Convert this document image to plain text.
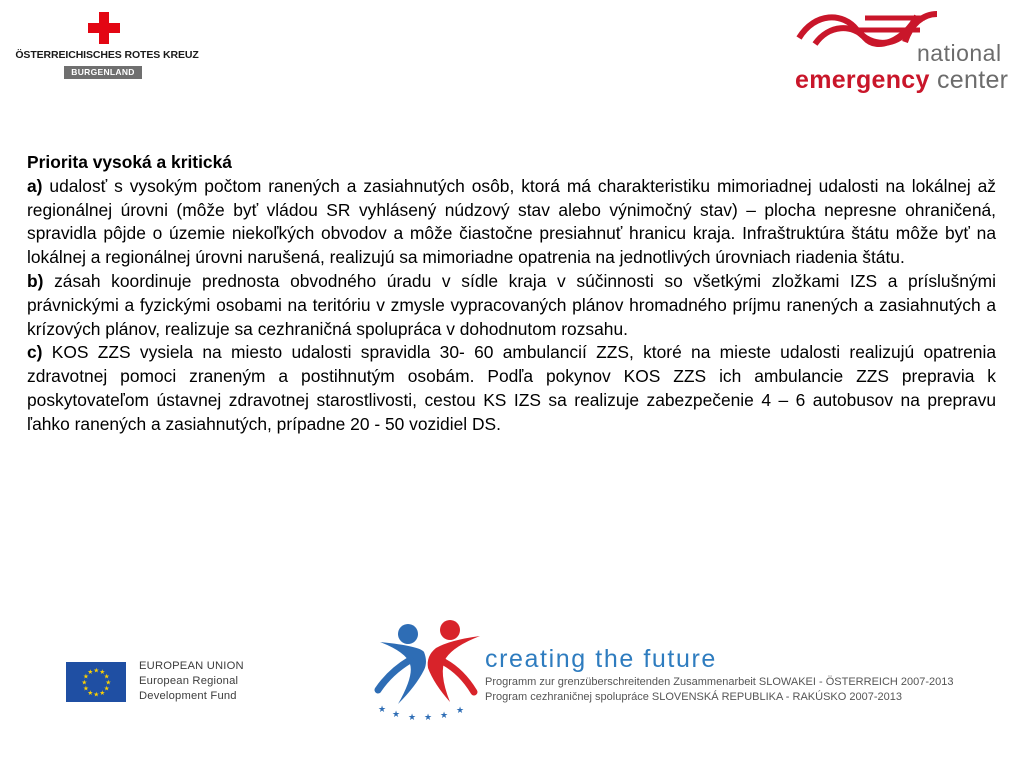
ÖSTERREICHISCHES ROTES KREUZ
BURGENLAND
national
emergency center
Priorita vysoká a kritická

a) udalosť s vysokým počtom ranených a zasiahnutých osôb, ktorá má charakteristiku mimoriadnej udalosti na lokálnej až regionálnej úrovni (môže byť vládou SR vyhlásený núdzový stav alebo výnimočný stav) – plocha nepresne ohraničená, spravidla pôjde o územie niekoľkých obvodov a môže čiastočne presiahnuť hranicu kraja. Infraštruktúra štátu môže byť na lokálnej a regionálnej úrovni narušená, realizujú sa mimoriadne opatrenia na jednotlivých úrovniach riadenia štátu.

b) zásah koordinuje prednosta obvodného úradu v sídle kraja v súčinnosti so všetkými zložkami IZS a príslušnými právnickými a fyzickými osobami na teritóriu v zmysle vypracovaných plánov hromadného príjmu ranených a zasiahnutých a krízových plánov, realizuje sa cezhraničná spolupráca v dohodnutom rozsahu.

c) KOS ZZS vysiela na miesto udalosti spravidla 30- 60 ambulancií ZZS, ktoré na mieste udalosti realizujú opatrenia zdravotnej pomoci zraneným a postihnutým osobám. Podľa pokynov KOS ZZS ich ambulancie ZZS prepravia k poskytovateľom ústavnej zdravotnej starostlivosti, cestou KS IZS sa realizuje zabezpečenie 4 – 6 autobusov na prepravu ľahko ranených a zasiahnutých, prípadne 20 - 50 vozidiel DS.

★ ★
★
★
★
★
★
★
★
★
★
★
EUROPEAN UNION
European Regional
Development Fund
★ ★ ★ ★ ★ ★
creating the future
Programm zur grenzüberschreitenden Zusammenarbeit SLOWAKEI - ÖSTERREICH 2007-2013
Program cezhraničnej spolupráce SLOVENSKÁ REPUBLIKA - RAKÚSKO 2007-2013
